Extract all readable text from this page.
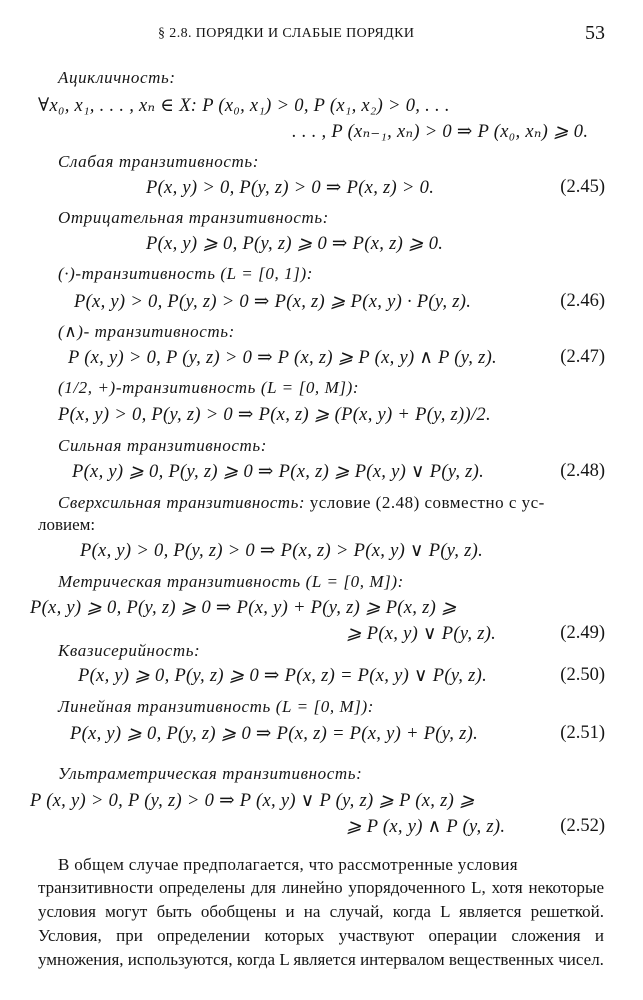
§ 2.8. ПОРЯДКИ И СЛАБЫЕ ПОРЯДКИ	53
Ацикличность:
∀x₀, x₁, . . . , xₙ ∈ X: P (x₀, x₁) > 0, P (x₁, x₂) > 0, . . .
. . . , P (xₙ₋₁, xₙ) > 0 ⇒ P (x₀, xₙ) ⩾ 0.
Слабая транзитивность:
P(x, y) > 0, P(y, z) > 0 ⇒ P(x, z) > 0.	(2.45)
Отрицательная транзитивность:
P(x, y) ⩾ 0, P(y, z) ⩾ 0 ⇒ P(x, z) ⩾ 0.
(·)-транзитивность (L = [0, 1]):
P(x, y) > 0, P(y, z) > 0 ⇒ P(x, z) ⩾ P(x, y) · P(y, z).	(2.46)
(∧)- транзитивность:
P (x, y) > 0, P (y, z) > 0 ⇒ P (x, z) ⩾ P (x, y) ∧ P (y, z).	(2.47)
(1/2, +)-транзитивность (L = [0, M]):
P(x, y) > 0, P(y, z) > 0 ⇒ P(x, z) ⩾ (P(x, y) + P(y, z))/2.
Сильная транзитивность:
P(x, y) ⩾ 0, P(y, z) ⩾ 0 ⇒ P(x, z) ⩾ P(x, y) ∨ P(y, z).	(2.48)
Сверхсильная транзитивность: условие (2.48) совместно с ус-
ловием:
P(x, y) > 0, P(y, z) > 0 ⇒ P(x, z) > P(x, y) ∨ P(y, z).
Метрическая транзитивность (L = [0, M]):
P(x, y) ⩾ 0, P(y, z) ⩾ 0 ⇒ P(x, y) + P(y, z) ⩾ P(x, z) ⩾
⩾ P(x, y) ∨ P(y, z).	(2.49)
Квазисерийность:
P(x, y) ⩾ 0, P(y, z) ⩾ 0 ⇒ P(x, z) = P(x, y) ∨ P(y, z).	(2.50)
Линейная транзитивность (L = [0, M]):
P(x, y) ⩾ 0, P(y, z) ⩾ 0 ⇒ P(x, z) = P(x, y) + P(y, z).	(2.51)
Ультраметрическая транзитивность:
P (x, y) > 0, P (y, z) > 0 ⇒ P (x, y) ∨ P (y, z) ⩾ P (x, z) ⩾
⩾ P (x, y) ∧ P (y, z).	(2.52)
В общем случае предполагается, что рассмотренные условия
транзитивности определены для линейно упорядоченного L, хотя некоторые условия могут быть обобщены и на случай, когда L является решеткой. Условия, при определении которых участвуют операции сложения и умножения, используются, когда L является интервалом вещественных чисел.
